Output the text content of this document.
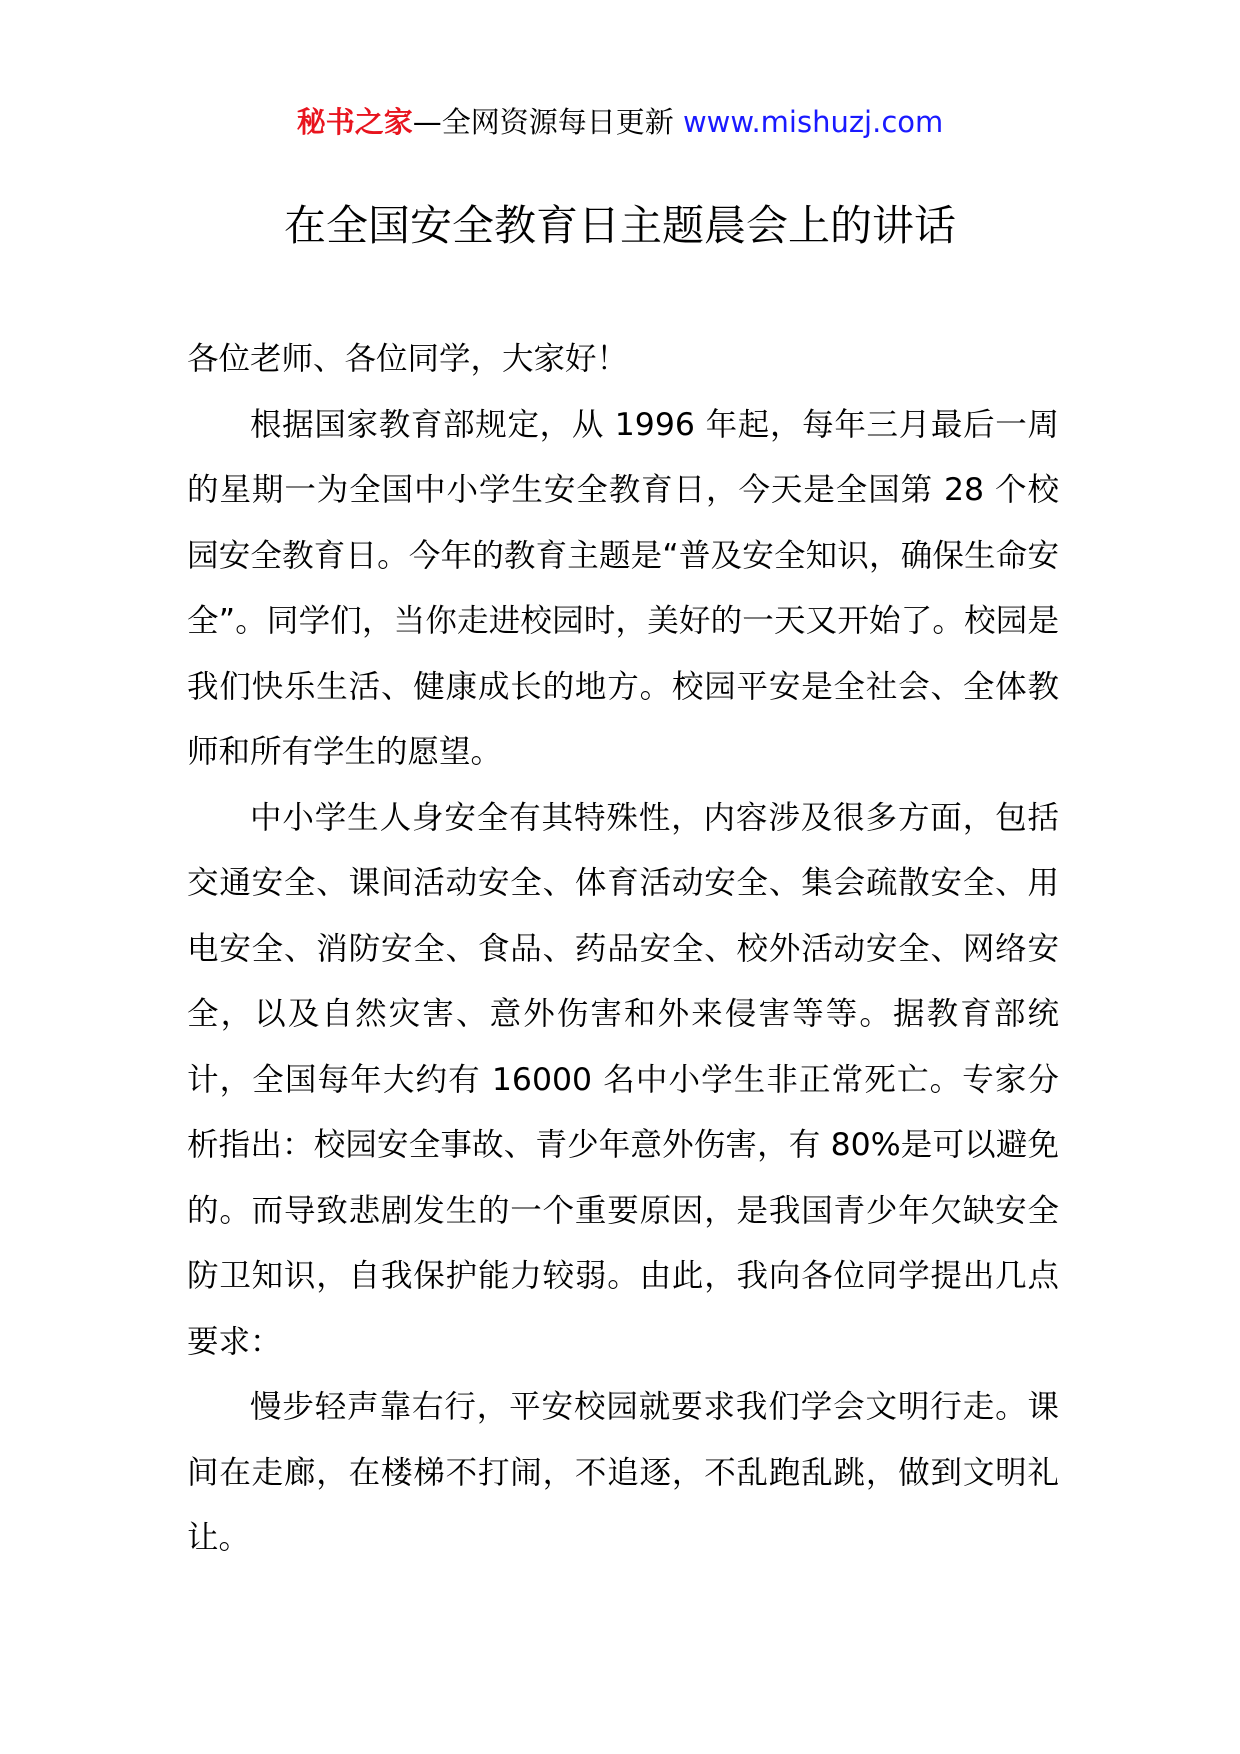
秘书之家—全网资源每日更新 www.mishuzj.com
在全国安全教育日主题晨会上的讲话

各位老师、各位同学，大家好！

根据国家教育部规定，从 1996 年起，每年三月最后一周的星期一为全国中小学生安全教育日，今天是全国第 28 个校园安全教育日。今年的教育主题是“普及安全知识，确保生命安全”。同学们，当你走进校园时，美好的一天又开始了。校园是我们快乐生活、健康成长的地方。校园平安是全社会、全体教师和所有学生的愿望。

中小学生人身安全有其特殊性，内容涉及很多方面，包括交通安全、课间活动安全、体育活动安全、集会疏散安全、用电安全、消防安全、食品、药品安全、校外活动安全、网络安全，以及自然灾害、意外伤害和外来侵害等等。据教育部统计，全国每年大约有 16000 名中小学生非正常死亡。专家分析指出：校园安全事故、青少年意外伤害，有 80%是可以避免的。而导致悲剧发生的一个重要原因，是我国青少年欠缺安全防卫知识，自我保护能力较弱。由此，我向各位同学提出几点要求：

慢步轻声靠右行，平安校园就要求我们学会文明行走。课间在走廊，在楼梯不打闹，不追逐，不乱跑乱跳，做到文明礼让。
